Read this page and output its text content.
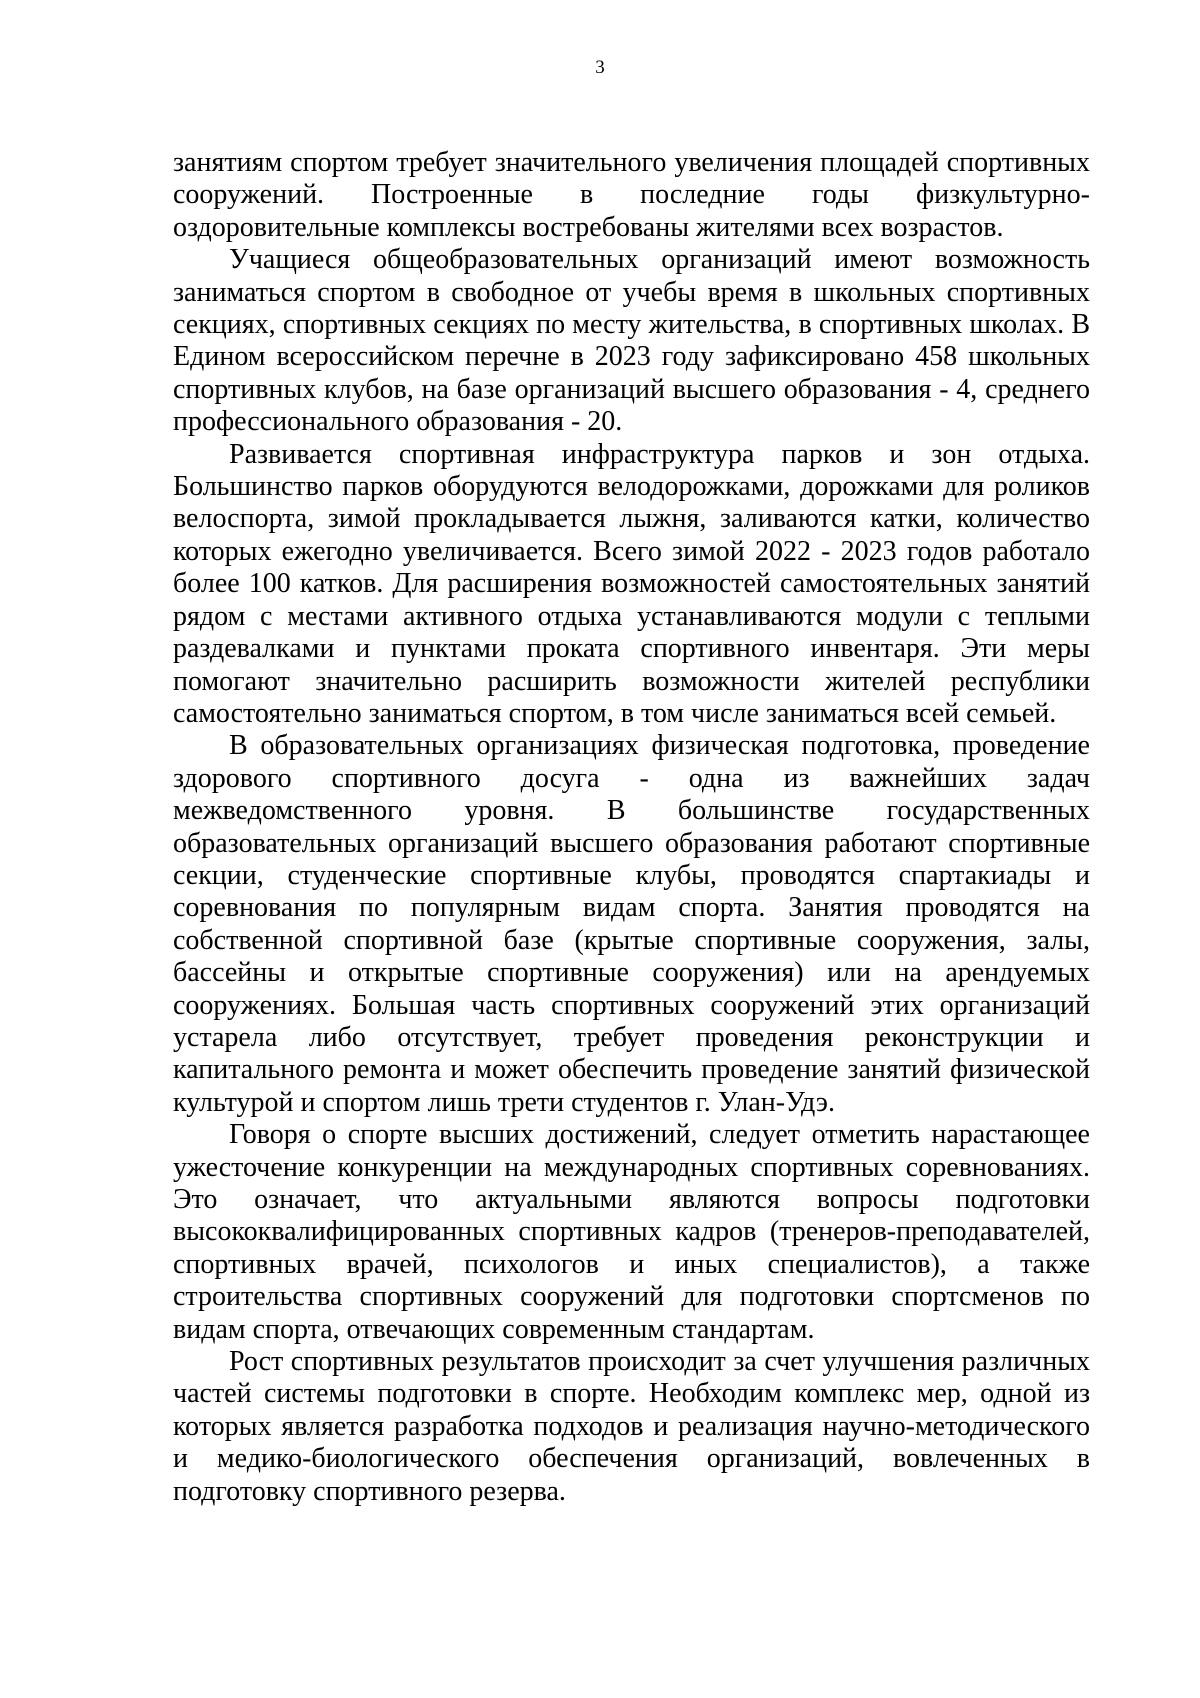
3

занятиям спортом требует значительного увеличения площадей спортивных сооружений. Построенные в последние годы физкультурно-оздоровительные комплексы востребованы жителями всех возрастов.

Учащиеся общеобразовательных организаций имеют возможность заниматься спортом в свободное от учебы время в школьных спортивных секциях, спортивных секциях по месту жительства, в спортивных школах. В Едином всероссийском перечне в 2023 году зафиксировано 458 школьных спортивных клубов, на базе организаций высшего образования - 4, среднего профессионального образования - 20.

Развивается спортивная инфраструктура парков и зон отдыха. Большинство парков оборудуются велодорожками, дорожками для роликов велоспорта, зимой прокладывается лыжня, заливаются катки, количество которых ежегодно увеличивается. Всего зимой 2022 - 2023 годов работало более 100 катков. Для расширения возможностей самостоятельных занятий рядом с местами активного отдыха устанавливаются модули с теплыми раздевалками и пунктами проката спортивного инвентаря. Эти меры помогают значительно расширить возможности жителей республики самостоятельно заниматься спортом, в том числе заниматься всей семьей.

В образовательных организациях физическая подготовка, проведение здорового спортивного досуга - одна из важнейших задач межведомственного уровня. В большинстве государственных образовательных организаций высшего образования работают спортивные секции, студенческие спортивные клубы, проводятся спартакиады и соревнования по популярным видам спорта. Занятия проводятся на собственной спортивной базе (крытые спортивные сооружения, залы, бассейны и открытые спортивные сооружения) или на арендуемых сооружениях. Большая часть спортивных сооружений этих организаций устарела либо отсутствует, требует проведения реконструкции и капитального ремонта и может обеспечить проведение занятий физической культурой и спортом лишь трети студентов г. Улан-Удэ.

Говоря о спорте высших достижений, следует отметить нарастающее ужесточение конкуренции на международных спортивных соревнованиях. Это означает, что актуальными являются вопросы подготовки высококвалифицированных спортивных кадров (тренеров-преподавателей, спортивных врачей, психологов и иных специалистов), а также строительства спортивных сооружений для подготовки спортсменов по видам спорта, отвечающих современным стандартам.

Рост спортивных результатов происходит за счет улучшения различных частей системы подготовки в спорте. Необходим комплекс мер, одной из которых является разработка подходов и реализация научно-методического и медико-биологического обеспечения организаций, вовлеченных в подготовку спортивного резерва.
